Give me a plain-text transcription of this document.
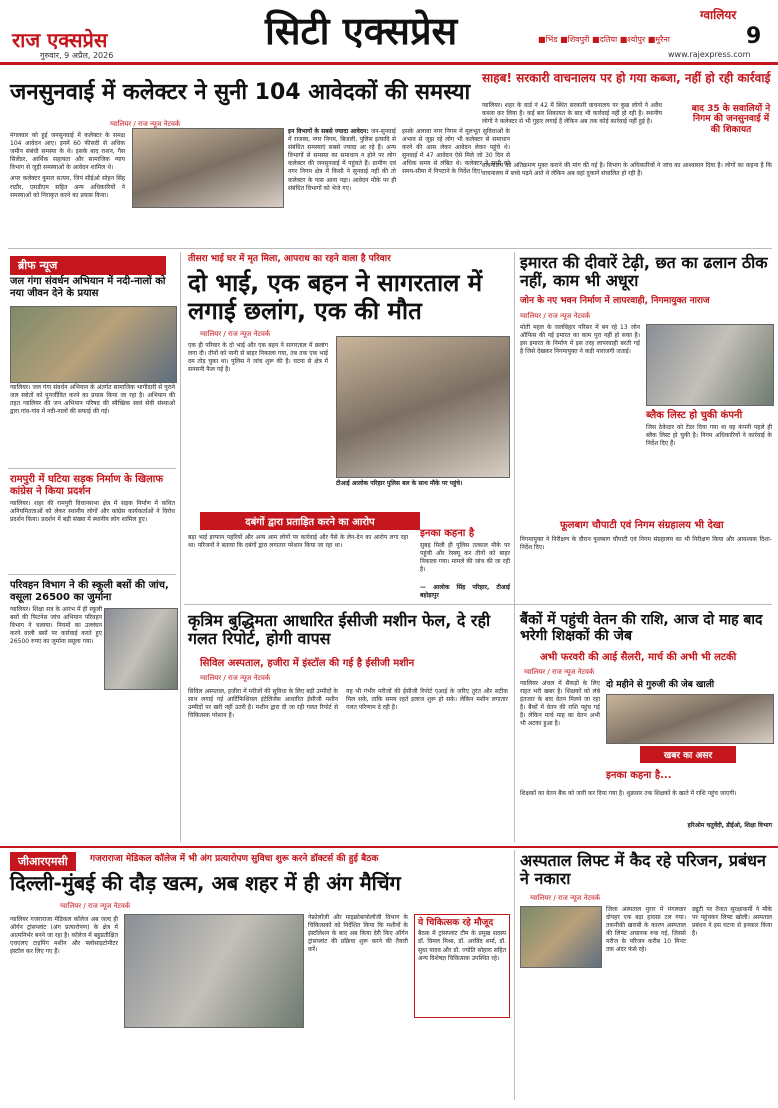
राज एक्सप्रेस
गुरुवार, 9 अप्रैल, 2026
सिटी एक्सप्रेस	■भिंड ■शिवपुरी ■दतिया ■श्योपुर ■मुरैना
ग्वालियर
9
www.rajexpress.com
जनसुनवाई में कलेक्टर ने सुनी 104 आवेदकों की समस्या
ग्वालियर / राज न्यूज नेटवर्क
मंगलवार को हुई जनसुनवाई में कलेक्टर के समक्ष 104 आवेदन आए। इनमें 60 फीसदी से अधिक जमीन संबंधी समस्या के थे। इसके बाद राशन, गैस सिलेंडर, आर्थिक सहायता और सामाजिक न्याय विभाग से जुड़ी समस्याओं के आवेदन शामिल थे।
अपर कलेक्टर कुमार सत्यम, जिपं सीईओ सोहन सिंह राठौर, एसडीएम सहित अन्य अधिकारियों ने समस्याओं को निराकृत करने का प्रयास किया।
इन विभागों के सबसे ज्यादा आवेदन: जन-सुनवाई में राजस्व, नगर निगम, बिजली, पुलिस इत्यादि से संबंधित समस्याएं सबसे ज्यादा आ रहे हैं। अन्य विभागों से समस्या का समाधान न होने पर लोग कलेक्टर की जनसुनवाई में पहुंचते हैं। ग्रामीण एवं नगर निगम क्षेत्र में किसी ने सुनवाई नहीं की तो कलेक्टर के पास आना पड़ा। आवेदन मौके पर ही संबंधित विभागों को भेजे गए।
इसके अलावा नगर निगम में मूलभूत सुविधाओं के अभाव से जूझ रहे लोग भी कलेक्टर से समाधान करने की आस लेकर आवेदन लेकर पहुंचे थे। सुनवाई में 47 आवेदन ऐसे मिले जो 30 दिन से अधिक समय से लंबित थे। कलेक्टर ने सभी को समय-सीमा में निपटाने के निर्देश दिए।
साहब! सरकारी वाचनालय पर हो गया कब्जा, नहीं हो रही कार्रवाई
ग्वालियर। शहर के वार्ड नं 42 में स्थित सरकारी वाचनालय पर कुछ लोगों ने अवैध कब्जा कर लिया है। कई बार शिकायत के बाद भी कार्रवाई नहीं हो रही है। स्थानीय लोगों ने कलेक्टर से भी गुहार लगाई है लेकिन अब तक कोई कार्रवाई नहीं हुई है।
बाद 35 के सवालियों ने निगम की जनसुनवाई में की शिकायत
वाचनालय को अतिक्रमण मुक्त कराने की मांग की गई है। विभाग के अधिकारियों ने जांच का आश्वासन दिया है। लोगों का कहना है कि वाचनालय में बच्चे पढ़ने आते थे लेकिन अब वहां दुकानें संचालित हो रही हैं।
ब्रीफ न्यूज
जल गंगा संवर्धन अभियान में नदी-नालों को नया जीवन देने के प्रयास
ग्वालियर। जल गंगा संवर्धन अभियान के अंतर्गत सामाजिक भागीदारी से पुराने जल स्त्रोतों को पुनर्जीवित करने का प्रयास किया जा रहा है। अभियान की तहत ग्वालियर की जन अभियान परिषद की स्वैच्छिक स्वयं सेवी संस्थाओं द्वारा गांव-गांव में नदी-नालों की सफाई की गई।
रामपुरी में घटिया सड़क निर्माण के खिलाफ कांग्रेस ने किया प्रदर्शन
ग्वालियर। शहर की रामपुरी विधानसभा क्षेत्र में सड़क निर्माण में कथित अनियमितताओं को लेकर स्थानीय लोगों और कांग्रेस कार्यकर्ताओं ने विरोध प्रदर्शन किया। प्रदर्शन में बड़ी संख्या में स्थानीय लोग शामिल हुए।
परिवहन विभाग ने की स्कूली बसों की जांच, वसूला 26500 का जुर्माना
ग्वालियर। शिक्षा सत्र के आरंभ में ही स्कूली बसों की फिटनेस जांच अभियान परिवहन विभाग ने चलाया। नियमों का उल्लंघन करने वाली बसों पर कार्रवाई करते हुए 26500 रुपए का जुर्माना वसूला गया।
तीसरा भाई घर में मृत मिला, आपराध का रहने वाला है परिवार
दो भाई, एक बहन ने सागरताल में लगाई छलांग, एक की मौत
ग्वालियर / राज न्यूज नेटवर्क
एक ही परिवार के दो भाई और एक बहन ने सागरताल में छलांग लगा दी। तीनों को पानी से बाहर निकाला गया, तब तक एक भाई दम तोड़ चुका था। पुलिस ने जांच शुरू की है। घटना से क्षेत्र में सनसनी फैल गई है।
टीआई आलोक परिहार पुलिस बल के साथ मौके पर पहुंचे।
दबंगों द्वारा प्रताड़ित करने का आरोप
बड़ा भाई इरफान पहरियों और अन्य आम लोगों पर कार्रवाई और पैसे के लेन-देन का आरोप लगा रहा था। परिजनों ने बताया कि दबंगों द्वारा लगातार परेशान किया जा रहा था।
इनका कहना है
सुबह मिली ही पुलिस तत्काल मौके पर पहुंची और रेस्क्यू कर तीनों को बाहर निकाला गया। मामले की जांच की जा रही है।
— आलोक सिंह परिहार, टीआई बहोड़ापुर
इमारत की दीवारें टेढ़ी, छत का ढलान ठीक नहीं, काम भी अधूरा
जोन के नए भवन निर्माण में लापरवाही, निगमायुक्त नाराज
ग्वालियर / राज न्यूज नेटवर्क
मोती महल के जलविहार परिसर में बन रहे 13 जोन ऑफिस की नई इमारत का काम पूरा नहीं हो सका है। इस इमारत के निर्माण में इस तरह लापरवाही बरती गई है जिसे देखकर निगमायुक्त ने कड़ी नाराजगी जताई।
ब्लैक लिस्ट हो चुकी कंपनी
जिस ठेकेदार को टेंडर दिया गया था वह कंपनी पहले ही ब्लैक लिस्ट हो चुकी है। निगम अधिकारियों ने कार्रवाई के निर्देश दिए हैं।
फूलबाग चौपाटी एवं निगम संग्रहालय भी देखा
निगमायुक्त ने निरीक्षण के दौरान फूलबाग चौपाटी एवं निगम संग्रहालय का भी निरीक्षण किया और आवश्यक दिशा-निर्देश दिए।
कृत्रिम बुद्धिमता आधारित ईसीजी मशीन फेल, दे रही गलत रिपोर्ट, होगी वापस
सिविल अस्पताल, हजीरा में इंस्टॉल की गई है ईसीजी मशीन
ग्वालियर / राज न्यूज नेटवर्क
सिविल अस्पताल, हजीरा में मरीजों की सुविधा के लिए बड़ी उम्मीदों के साथ लगाई गई आर्टिफिशियल इंटेलिजेंस आधारित ईसीजी मशीन उम्मीदों पर खरी नहीं उतरी है। मशीन द्वारा दी जा रही गलत रिपोर्ट से चिकित्सक परेशान हैं।
यह भी गंभीर मरीजों की ईसीजी रिपोर्ट एआई के जरिए तुरंत और सटीक मिल सके, ताकि समय रहते इलाज शुरू हो सके। लेकिन मशीन लगातार गलत परिणाम दे रही है।
बैंकों में पहुंची वेतन की राशि, आज दो माह बाद भरेगी शिक्षकों की जेब
अभी फरवरी की आई सैलरी, मार्च की अभी भी लटकी
ग्वालियर / राज न्यूज नेटवर्क
ग्वालियर अंचल में सैकड़ों के लिए राहत भरी खबर है। शिक्षकों को लंबे इंतजार के बाद वेतन मिलने जा रहा है। बैंकों में वेतन की राशि पहुंच गई है। लेकिन मार्च माह का वेतन अभी भी अटका हुआ है।
दो महीने से गुरुजी की जेब खाली
खबर का असर
इनका कहना है...
शिक्षकों का वेतन बैंक को जारी कर दिया गया है। शुक्रवार तक शिक्षकों के खाते में राशि पहुंच जाएगी।
हरिओम चतुर्वेदी, डीईओ, शिक्षा विभाग
जीआरएमसी	गजराराजा मेडिकल कॉलेज में भी अंग प्रत्यारोपण सुविधा शुरू करने डॉक्टर्स की हुई बैठक
दिल्ली-मुंबई की दौड़ खत्म, अब शहर में ही अंग मैचिंग
ग्वालियर / राज न्यूज नेटवर्क
ग्वालियर गजराराजा मेडिकल कॉलेज अब जल्द ही ऑर्गन ट्रांसप्लांट (अंग प्रत्यारोपण) के क्षेत्र में आत्मनिर्भर बनने जा रहा है। कॉलेज में बहुप्रतीक्षित एचएलए टाइपिंग मशीन और फ्लोसाइटोमीटर इंस्टॉल कर लिए गए हैं।
नेफ्रोलॉजी और माइक्रोबायोलॉजी विभाग के चिकित्सकों को निर्देशित किया कि मशीनों के इंस्टॉलेशन के बाद अब किया देरी किए ऑर्गन ट्रांसप्लांट की प्रक्रिया शुरू करने की तैयारी करें।
ये चिकित्सक रहे मौजूद
बैठक में ट्रांसप्लांट टीम के प्रमुख सदस्य डॉ. विमल मिश्रा, डॉ. अरविंद शर्मा, डॉ. सुधा यादव और डॉ. ज्योति सोहारा सहित अन्य विशेषज्ञ चिकित्सक उपस्थित रहे।
अस्पताल लिफ्ट में कैद रहे परिजन, प्रबंधन ने नकारा
ग्वालियर / राज न्यूज नेटवर्क
जिला अस्पताल मुरार में मंगलवार दोपहर एक बड़ा हादसा टल गया। तकनीकी खराबी के कारण अस्पताल की लिफ्ट अचानक रुक गई, जिससे मरीज के परिजन करीब 10 मिनट तक अंदर फंसे रहे।
ड्यूटी पर तैनात सुरक्षाकर्मी ने मौके पर पहुंचकर लिफ्ट खोली। अस्पताल प्रबंधन ने इस घटना से इनकार किया है।
